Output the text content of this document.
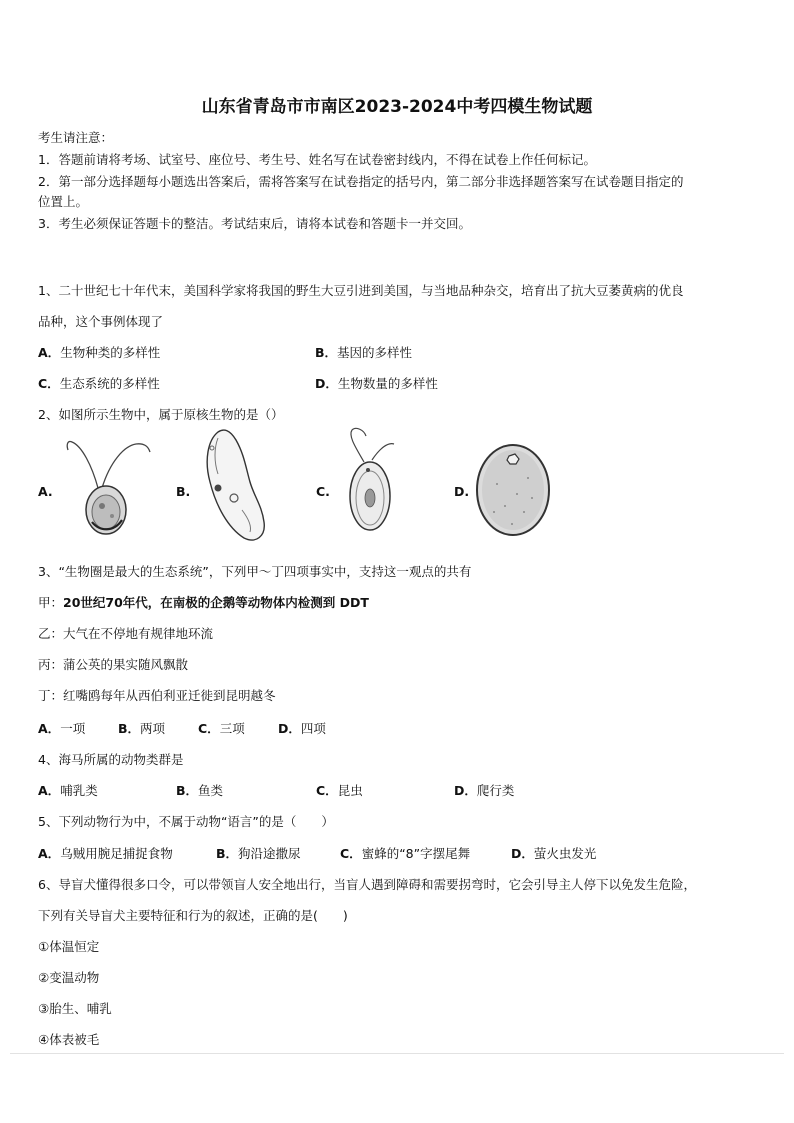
山东省青岛市市南区2023-2024中考四模生物试题
考生请注意：
1．答题前请将考场、试室号、座位号、考生号、姓名写在试卷密封线内，不得在试卷上作任何标记。
2．第一部分选择题每小题选出答案后，需将答案写在试卷指定的括号内，第二部分非选择题答案写在试卷题目指定的
位置上。
3．考生必须保证答题卡的整洁。考试结束后，请将本试卷和答题卡一并交回。
1、二十世纪七十年代末，美国科学家将我国的野生大豆引进到美国，与当地品种杂交，培育出了抗大豆萎黄病的优良
品种，这个事例体现了
A．生物种类的多样性	B．基因的多样性
C．生态系统的多样性	D．生物数量的多样性
2、如图所示生物中，属于原核生物的是（）
A.	B.	C.	D.
3、“生物圈是最大的生态系统”，下列甲～丁四项事实中，支持这一观点的共有
甲：20世纪70年代，在南极的企鹅等动物体内检测到 DDT
乙：大气在不停地有规律地环流
丙：蒲公英的果实随风飘散
丁：红嘴鸥每年从西伯利亚迁徙到昆明越冬
A．一项	B．两项	C．三项	D．四项
4、海马所属的动物类群是
A．哺乳类	B．鱼类	C．昆虫	D．爬行类
5、下列动物行为中，不属于动物“语言”的是（　　）
A．乌贼用腕足捕捉食物	B．狗沿途撒尿	C．蜜蜂的“8”字摆尾舞	D．萤火虫发光
6、导盲犬懂得很多口令，可以带领盲人安全地出行，当盲人遇到障碍和需要拐弯时，它会引导主人停下以免发生危险，
下列有关导盲犬主要特征和行为的叙述，正确的是(　　)
①体温恒定
②变温动物
③胎生、哺乳
④体表被毛
